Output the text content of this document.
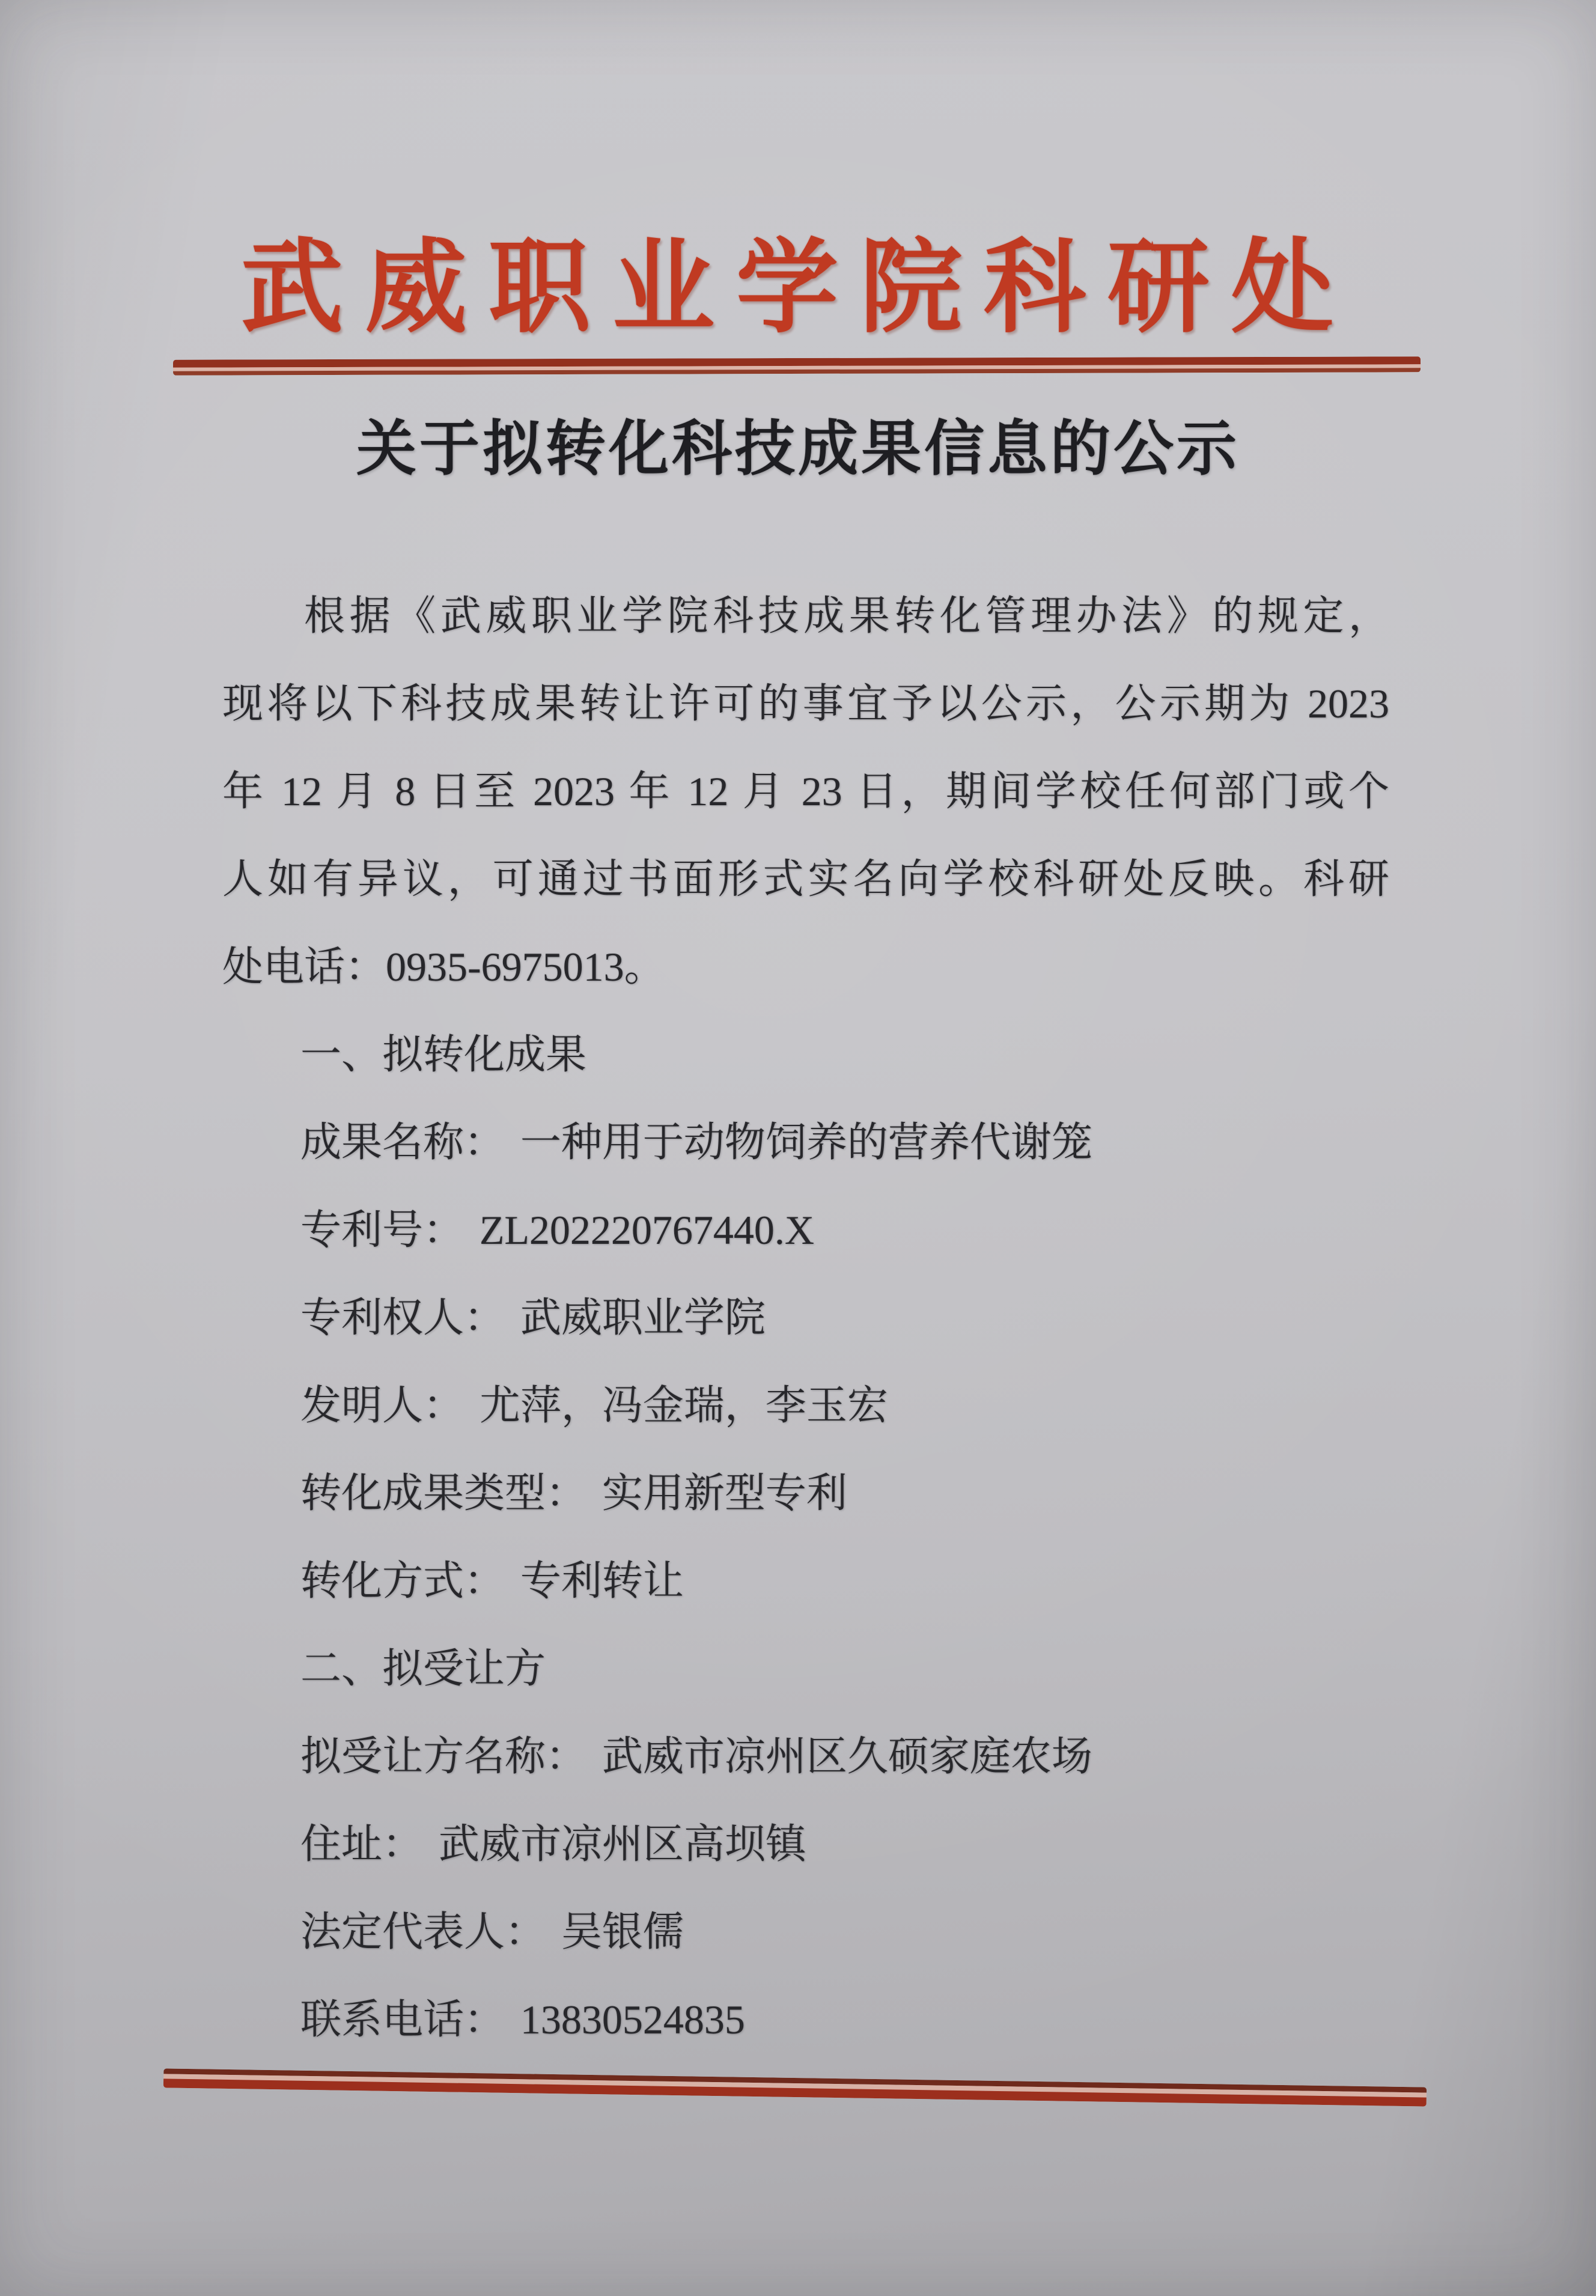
武威职业学院科研处
关于拟转化科技成果信息的公示
根据《武威职业学院科技成果转化管理办法》的规定，
现将以下科技成果转让许可的事宜予以公示，公示期为 2023
年 12 月 8 日至 2023 年 12 月 23 日，期间学校任何部门或个
人如有异议，可通过书面形式实名向学校科研处反映。科研
处电话：0935-6975013。
一、拟转化成果
成果名称： 一种用于动物饲养的营养代谢笼
专利号： ZL202220767440.X
专利权人： 武威职业学院
发明人： 尤萍，冯金瑞，李玉宏
转化成果类型： 实用新型专利
转化方式： 专利转让
二、拟受让方
拟受让方名称： 武威市凉州区久硕家庭农场
住址： 武威市凉州区高坝镇
法定代表人： 吴银儒
联系电话： 13830524835
